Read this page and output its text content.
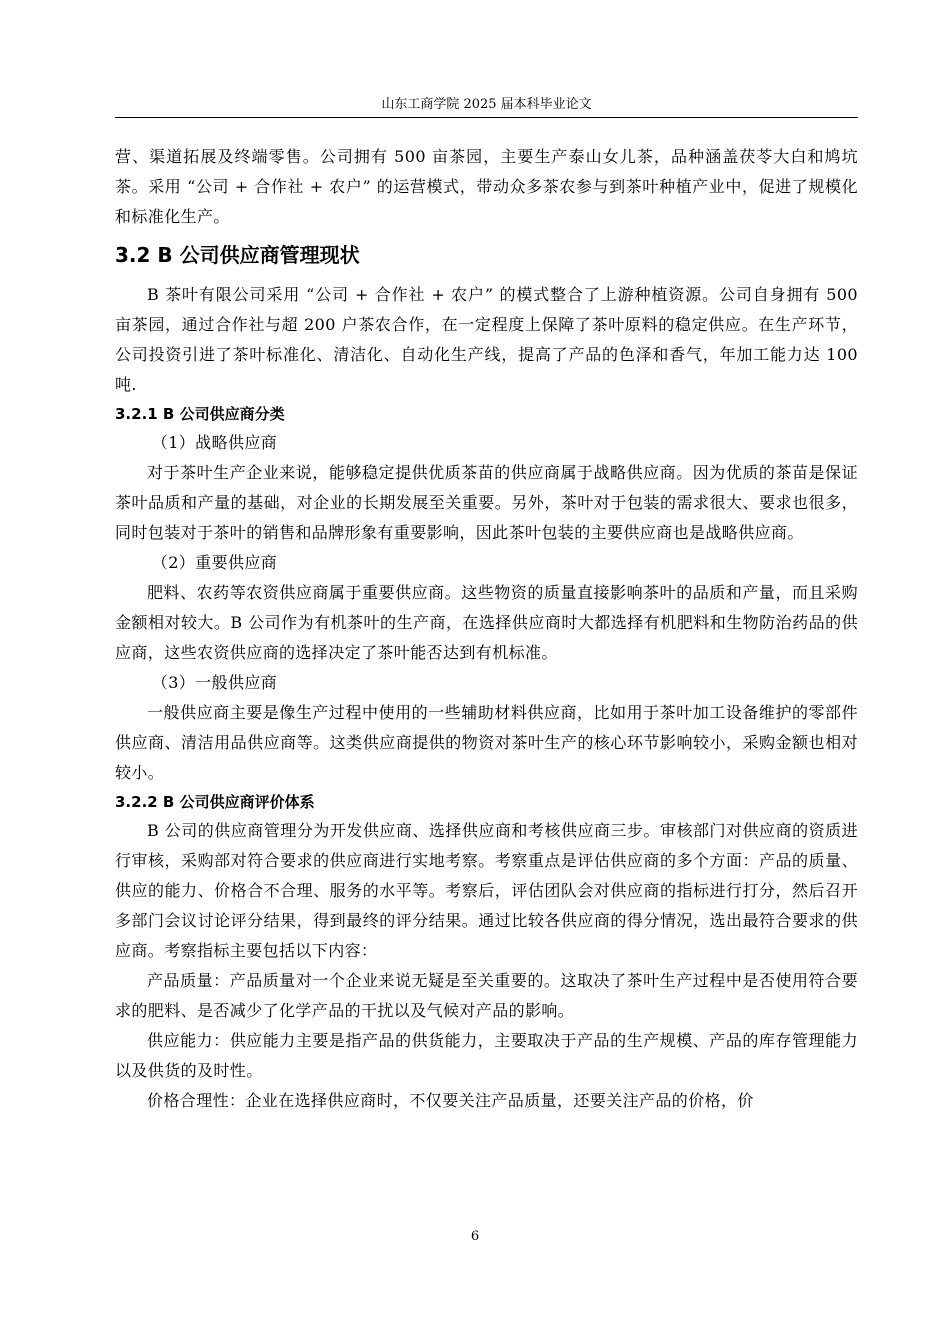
山东工商学院 2025 届本科毕业论文

营、渠道拓展及终端零售。公司拥有 500 亩茶园，主要生产泰山女儿茶，品种涵盖茯苓大白和鸠坑茶。采用 “公司 + 合作社 + 农户” 的运营模式，带动众多茶农参与到茶叶种植产业中，促进了规模化和标准化生产。

3.2 B 公司供应商管理现状

B 茶叶有限公司采用 “公司 + 合作社 + 农户” 的模式整合了上游种植资源。公司自身拥有 500 亩茶园，通过合作社与超 200 户茶农合作，在一定程度上保障了茶叶原料的稳定供应。在生产环节，公司投资引进了茶叶标准化、清洁化、自动化生产线，提高了产品的色泽和香气，年加工能力达 100 吨.

3.2.1 B 公司供应商分类

（1）战略供应商

对于茶叶生产企业来说，能够稳定提供优质茶苗的供应商属于战略供应商。因为优质的茶苗是保证茶叶品质和产量的基础，对企业的长期发展至关重要。另外，茶叶对于包装的需求很大、要求也很多，同时包装对于茶叶的销售和品牌形象有重要影响，因此茶叶包装的主要供应商也是战略供应商。

（2）重要供应商

肥料、农药等农资供应商属于重要供应商。这些物资的质量直接影响茶叶的品质和产量，而且采购金额相对较大。B 公司作为有机茶叶的生产商，在选择供应商时大都选择有机肥料和生物防治药品的供应商，这些农资供应商的选择决定了茶叶能否达到有机标准。

（3）一般供应商

一般供应商主要是像生产过程中使用的一些辅助材料供应商，比如用于茶叶加工设备维护的零部件供应商、清洁用品供应商等。这类供应商提供的物资对茶叶生产的核心环节影响较小，采购金额也相对较小。

3.2.2 B 公司供应商评价体系

B 公司的供应商管理分为开发供应商、选择供应商和考核供应商三步。审核部门对供应商的资质进行审核，采购部对符合要求的供应商进行实地考察。考察重点是评估供应商的多个方面：产品的质量、供应的能力、价格合不合理、服务的水平等。考察后，评估团队会对供应商的指标进行打分，然后召开多部门会议讨论评分结果，得到最终的评分结果。通过比较各供应商的得分情况，选出最符合要求的供应商。考察指标主要包括以下内容：

产品质量：产品质量对一个企业来说无疑是至关重要的。这取决了茶叶生产过程中是否使用符合要求的肥料、是否减少了化学产品的干扰以及气候对产品的影响。

供应能力：供应能力主要是指产品的供货能力，主要取决于产品的生产规模、产品的库存管理能力以及供货的及时性。

价格合理性：企业在选择供应商时，不仅要关注产品质量，还要关注产品的价格，价

6
